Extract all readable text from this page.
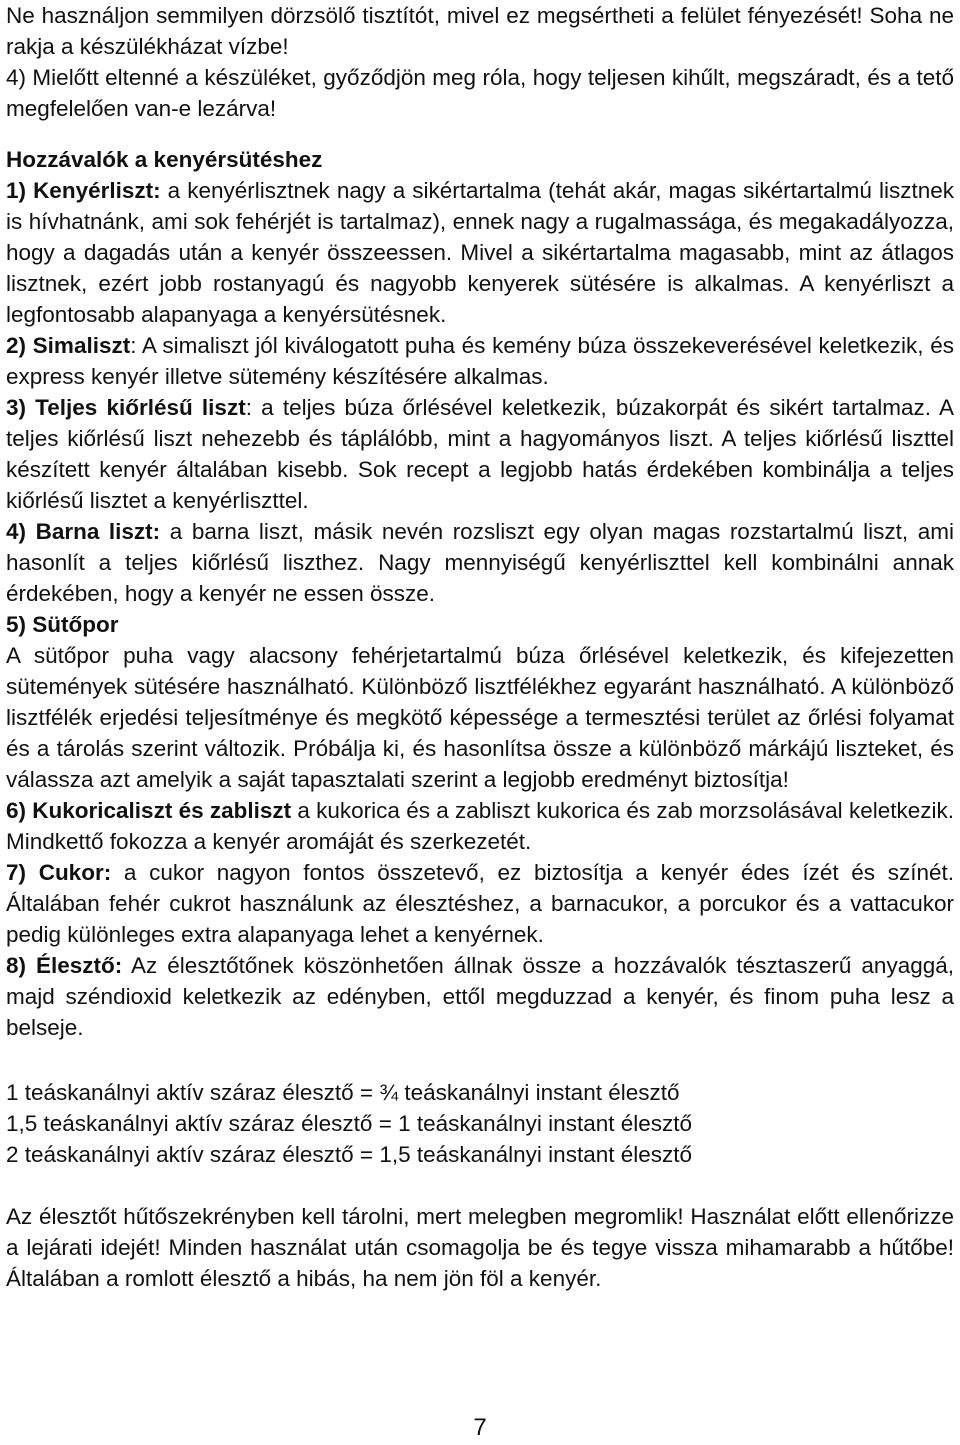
Ne használjon semmilyen dörzsölő tisztítót, mivel ez megsértheti a felület fényezését! Soha ne rakja a készülékházat vízbe!

4) Mielőtt eltenné a készüléket, győződjön meg róla, hogy teljesen kihűlt, megszáradt, és a tető megfelelően van-e lezárva!

Hozzávalók a kenyérsütéshez

1) Kenyérliszt: a kenyérlisztnek nagy a sikértartalma (tehát akár, magas sikértartalmú lisztnek is hívhatnánk, ami sok fehérjét is tartalmaz), ennek nagy a rugalmassága, és megakadályozza, hogy a dagadás után a kenyér összeessen. Mivel a sikértartalma magasabb, mint az átlagos lisztnek, ezért jobb rostanyagú és nagyobb kenyerek sütésére is alkalmas. A kenyérliszt a legfontosabb alapanyaga a kenyérsütésnek.

2) Simaliszt: A simaliszt jól kiválogatott puha és kemény búza összekeverésével keletkezik, és express kenyér illetve sütemény készítésére alkalmas.

3) Teljes kiőrlésű liszt: a teljes búza őrlésével keletkezik, búzakorpát és sikért tartalmaz. A teljes kiőrlésű liszt nehezebb és táplálóbb, mint a hagyományos liszt. A teljes kiőrlésű liszttel készített kenyér általában kisebb. Sok recept a legjobb hatás érdekében kombinálja a teljes kiőrlésű lisztet a kenyérliszttel.

4) Barna liszt: a barna liszt, másik nevén rozsliszt egy olyan magas rozstartalmú liszt, ami hasonlít a teljes kiőrlésű liszthez. Nagy mennyiségű kenyérliszttel kell kombinálni annak érdekében, hogy a kenyér ne essen össze.

5) Sütőpor

A sütőpor puha vagy alacsony fehérjetartalmú búza őrlésével keletkezik, és kifejezetten sütemények sütésére használható. Különböző lisztfélékhez egyaránt használható. A különböző lisztfélék erjedési teljesítménye és megkötő képessége a termesztési terület az őrlési folyamat és a tárolás szerint változik. Próbálja ki, és hasonlítsa össze a különböző márkájú liszteket, és válassza azt amelyik a saját tapasztalati szerint a legjobb eredményt biztosítja!

6) Kukoricaliszt és zabliszt a kukorica és a zabliszt kukorica és zab morzsolásával keletkezik. Mindkettő fokozza a kenyér aromáját és szerkezetét.

7) Cukor: a cukor nagyon fontos összetevő, ez biztosítja a kenyér édes ízét és színét. Általában fehér cukrot használunk az élesztéshez, a barnacukor, a porcukor és a vattacukor pedig különleges extra alapanyaga lehet a kenyérnek.

8) Élesztő: Az élesztőtőnek köszönhetően állnak össze a hozzávalók tésztaszerű anyaggá, majd széndioxid keletkezik az edényben, ettől megduzzad a kenyér, és finom puha lesz a belseje.

1 teáskanálnyi aktív száraz élesztő = ¾ teáskanálnyi instant élesztő

1,5 teáskanálnyi aktív száraz élesztő = 1 teáskanálnyi instant élesztő

2 teáskanálnyi aktív száraz élesztő = 1,5 teáskanálnyi instant élesztő

Az élesztőt hűtőszekrényben kell tárolni, mert melegben megromlik! Használat előtt ellenőrizze a lejárati idejét! Minden használat után csomagolja be és tegye vissza mihamarabb a hűtőbe! Általában a romlott élesztő a hibás, ha nem jön föl a kenyér.

7
